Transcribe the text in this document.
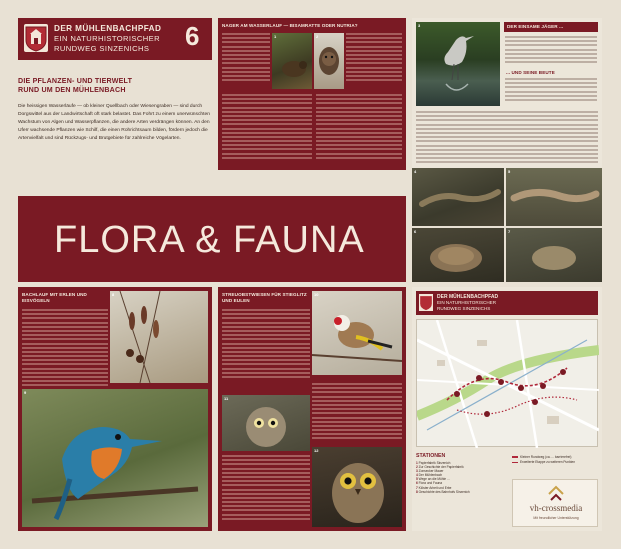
DER MÜHLENBACHPFAD
EIN NATURHISTORISCHER
RUNDWEG SINZENICHS 6
DIE PFLANZEN- UND TIERWELT
RUND UM DEN MÜHLENBACH
Die heissigen Wasserläufe — ob kleiner Quellbach oder Wiesengraben — sind durch Dorgswittel aus der Landwirtschaft oft stark belastet. Das Fohrt zu einem unerwünschten Wachstum von Algen und Wasserpflanzen, die andere Arten verdrängen können. An den Uferr wachsende Pflanzen wie Schilf, die einen Rohrichtsaum bilden, fördern jedoch die Artenvielfalt und sind Rückzugs- und Brutgebiete für zahlreiche Vögelarten.
NAGER AM WASSERLAUF — BISAMRATTE ODER NUTRIA?
1	2
3	DER EINSAME JÄGER ...
... UND SEINE BEUTE
FLORA & FAUNA
4	5
6	7
BACHLAUF MIT ERLEN UND EISVÖGELN
8
9
STREUOBSTWIESEN FÜR STIEGLITZ UND EULEN
10
11
12
DER MÜHLENBACHPFAD
EIN NATURHISTORISCHER
RUNDWEG SINZENICHS
STATIONEN
1 Papierfabrik Sinzenich
2 Zur Geschichte der Papierfabrik
3 Zonsecker Mauer
4 Der Mühlenbach
5 Wege an die Mühle ...
6 Flora und Fauna
7 Klöster Arbeit und Erbe
8 Geschichte des Bahnhofs Sinzenich
Kleiner Rundweg (ca. ... barrierefrei)
Erweiterte Etappe zu weiteren Punkten
vh-crossmedia
Mit freundlicher Unterstützung
